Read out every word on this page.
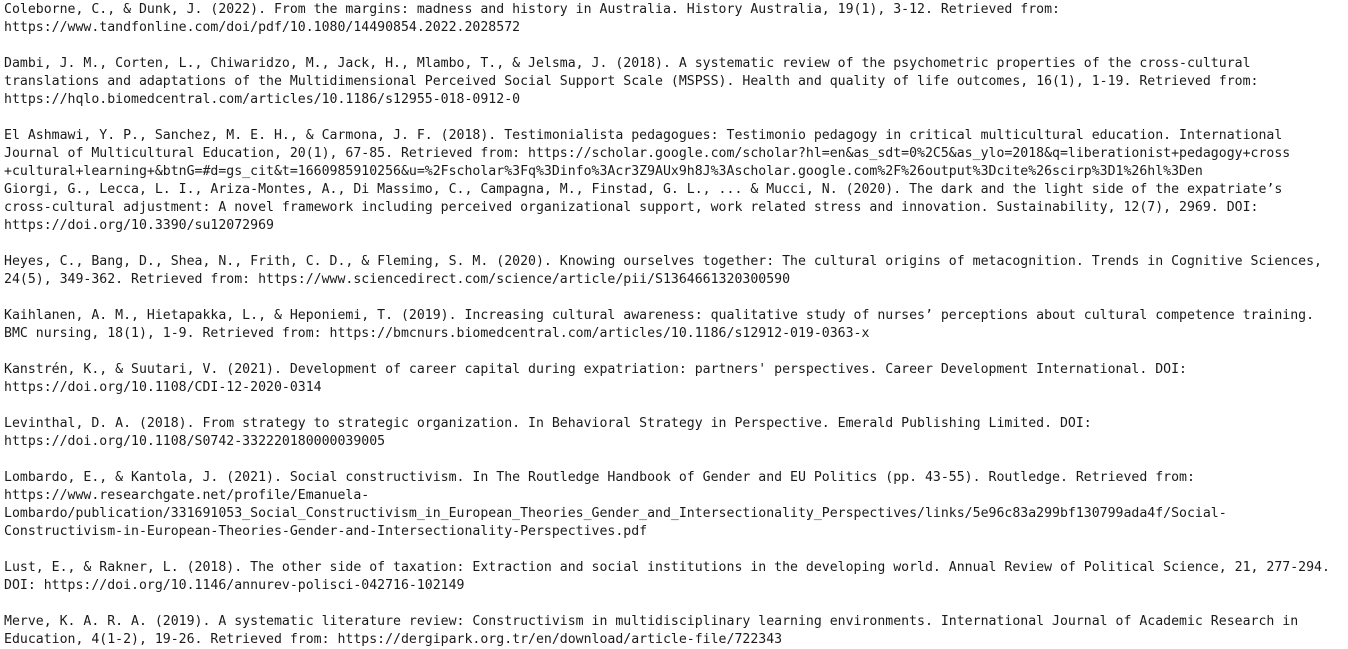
Coleborne, C., & Dunk, J. (2022). From the margins: madness and history in Australia. History Australia, 19(1), 3-12. Retrieved from:
https://www.tandfonline.com/doi/pdf/10.1080/14490854.2022.2028572
Dambi, J. M., Corten, L., Chiwaridzo, M., Jack, H., Mlambo, T., & Jelsma, J. (2018). A systematic review of the psychometric properties of the cross-cultural
translations and adaptations of the Multidimensional Perceived Social Support Scale (MSPSS). Health and quality of life outcomes, 16(1), 1-19. Retrieved from:
https://hqlo.biomedcentral.com/articles/10.1186/s12955-018-0912-0
El Ashmawi, Y. P., Sanchez, M. E. H., & Carmona, J. F. (2018). Testimonialista pedagogues: Testimonio pedagogy in critical multicultural education. International
Journal of Multicultural Education, 20(1), 67-85. Retrieved from: https://scholar.google.com/scholar?hl=en&as_sdt=0%2C5&as_ylo=2018&q=liberationist+pedagogy+cross
+cultural+learning+&btnG=#d=gs_cit&t=1660985910256&u=%2Fscholar%3Fq%3Dinfo%3Acr3Z9AUx9h8J%3Ascholar.google.com%2F%26output%3Dcite%26scirp%3D1%26hl%3Den
Giorgi, G., Lecca, L. I., Ariza-Montes, A., Di Massimo, C., Campagna, M., Finstad, G. L., ... & Mucci, N. (2020). The dark and the light side of the expatriate’s
cross-cultural adjustment: A novel framework including perceived organizational support, work related stress and innovation. Sustainability, 12(7), 2969. DOI:
https://doi.org/10.3390/su12072969
Heyes, C., Bang, D., Shea, N., Frith, C. D., & Fleming, S. M. (2020). Knowing ourselves together: The cultural origins of metacognition. Trends in Cognitive Sciences,
24(5), 349-362. Retrieved from: https://www.sciencedirect.com/science/article/pii/S1364661320300590
Kaihlanen, A. M., Hietapakka, L., & Heponiemi, T. (2019). Increasing cultural awareness: qualitative study of nurses’ perceptions about cultural competence training.
BMC nursing, 18(1), 1-9. Retrieved from: https://bmcnurs.biomedcentral.com/articles/10.1186/s12912-019-0363-x
Kanstrén, K., & Suutari, V. (2021). Development of career capital during expatriation: partners' perspectives. Career Development International. DOI:
https://doi.org/10.1108/CDI-12-2020-0314
Levinthal, D. A. (2018). From strategy to strategic organization. In Behavioral Strategy in Perspective. Emerald Publishing Limited. DOI:
https://doi.org/10.1108/S0742-332220180000039005
Lombardo, E., & Kantola, J. (2021). Social constructivism. In The Routledge Handbook of Gender and EU Politics (pp. 43-55). Routledge. Retrieved from:
https://www.researchgate.net/profile/Emanuela-
Lombardo/publication/331691053_Social_Constructivism_in_European_Theories_Gender_and_Intersectionality_Perspectives/links/5e96c83a299bf130799ada4f/Social-
Constructivism-in-European-Theories-Gender-and-Intersectionality-Perspectives.pdf
Lust, E., & Rakner, L. (2018). The other side of taxation: Extraction and social institutions in the developing world. Annual Review of Political Science, 21, 277-294.
DOI: https://doi.org/10.1146/annurev-polisci-042716-102149
Merve, K. A. R. A. (2019). A systematic literature review: Constructivism in multidisciplinary learning environments. International Journal of Academic Research in
Education, 4(1-2), 19-26. Retrieved from: https://dergipark.org.tr/en/download/article-file/722343
